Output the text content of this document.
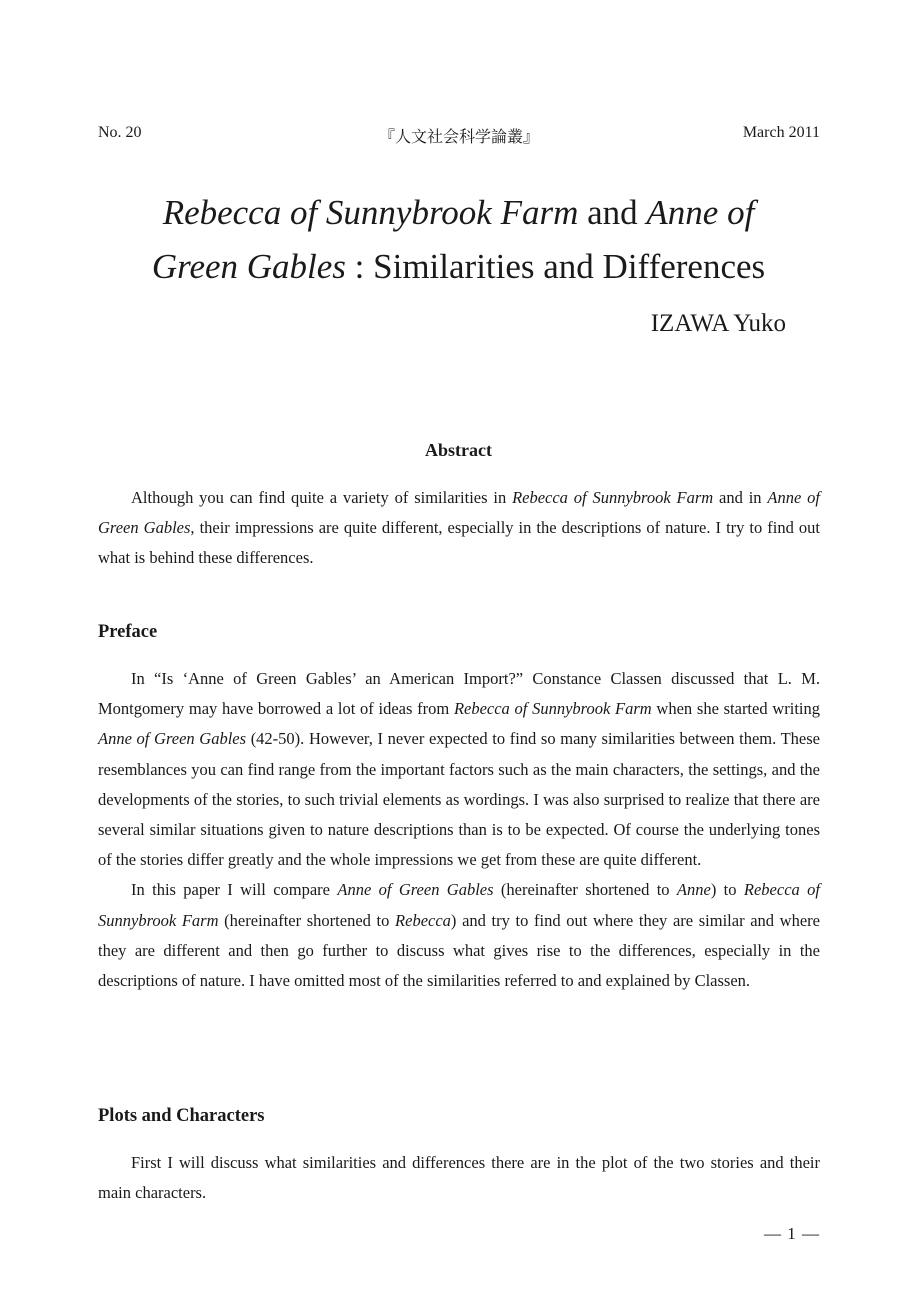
No. 20	『人文社会科学論叢』	March 2011
Rebecca of Sunnybrook Farm and Anne of
Green Gables : Similarities and Differences
IZAWA Yuko
Abstract

Although you can find quite a variety of similarities in Rebecca of Sunnybrook Farm and in Anne of Green Gables, their impressions are quite different, especially in the descriptions of nature. I try to find out what is behind these differences.

Preface

In “Is ‘Anne of Green Gables’ an American Import?” Constance Classen discussed that L. M. Montgomery may have borrowed a lot of ideas from Rebecca of Sunnybrook Farm when she started writing Anne of Green Gables (42-50). However, I never expected to find so many similarities between them. These resemblances you can find range from the important factors such as the main characters, the settings, and the developments of the stories, to such trivial elements as wordings. I was also surprised to realize that there are several similar situations given to nature descriptions than is to be expected. Of course the underlying tones of the stories differ greatly and the whole impressions we get from these are quite different.

In this paper I will compare Anne of Green Gables (hereinafter shortened to Anne) to Rebecca of Sunnybrook Farm (hereinafter shortened to Rebecca) and try to find out where they are similar and where they are different and then go further to discuss what gives rise to the differences, especially in the descriptions of nature. I have omitted most of the similarities referred to and explained by Classen.

Plots and Characters

First I will discuss what similarities and differences there are in the plot of the two stories and their main characters.

— 1 —
